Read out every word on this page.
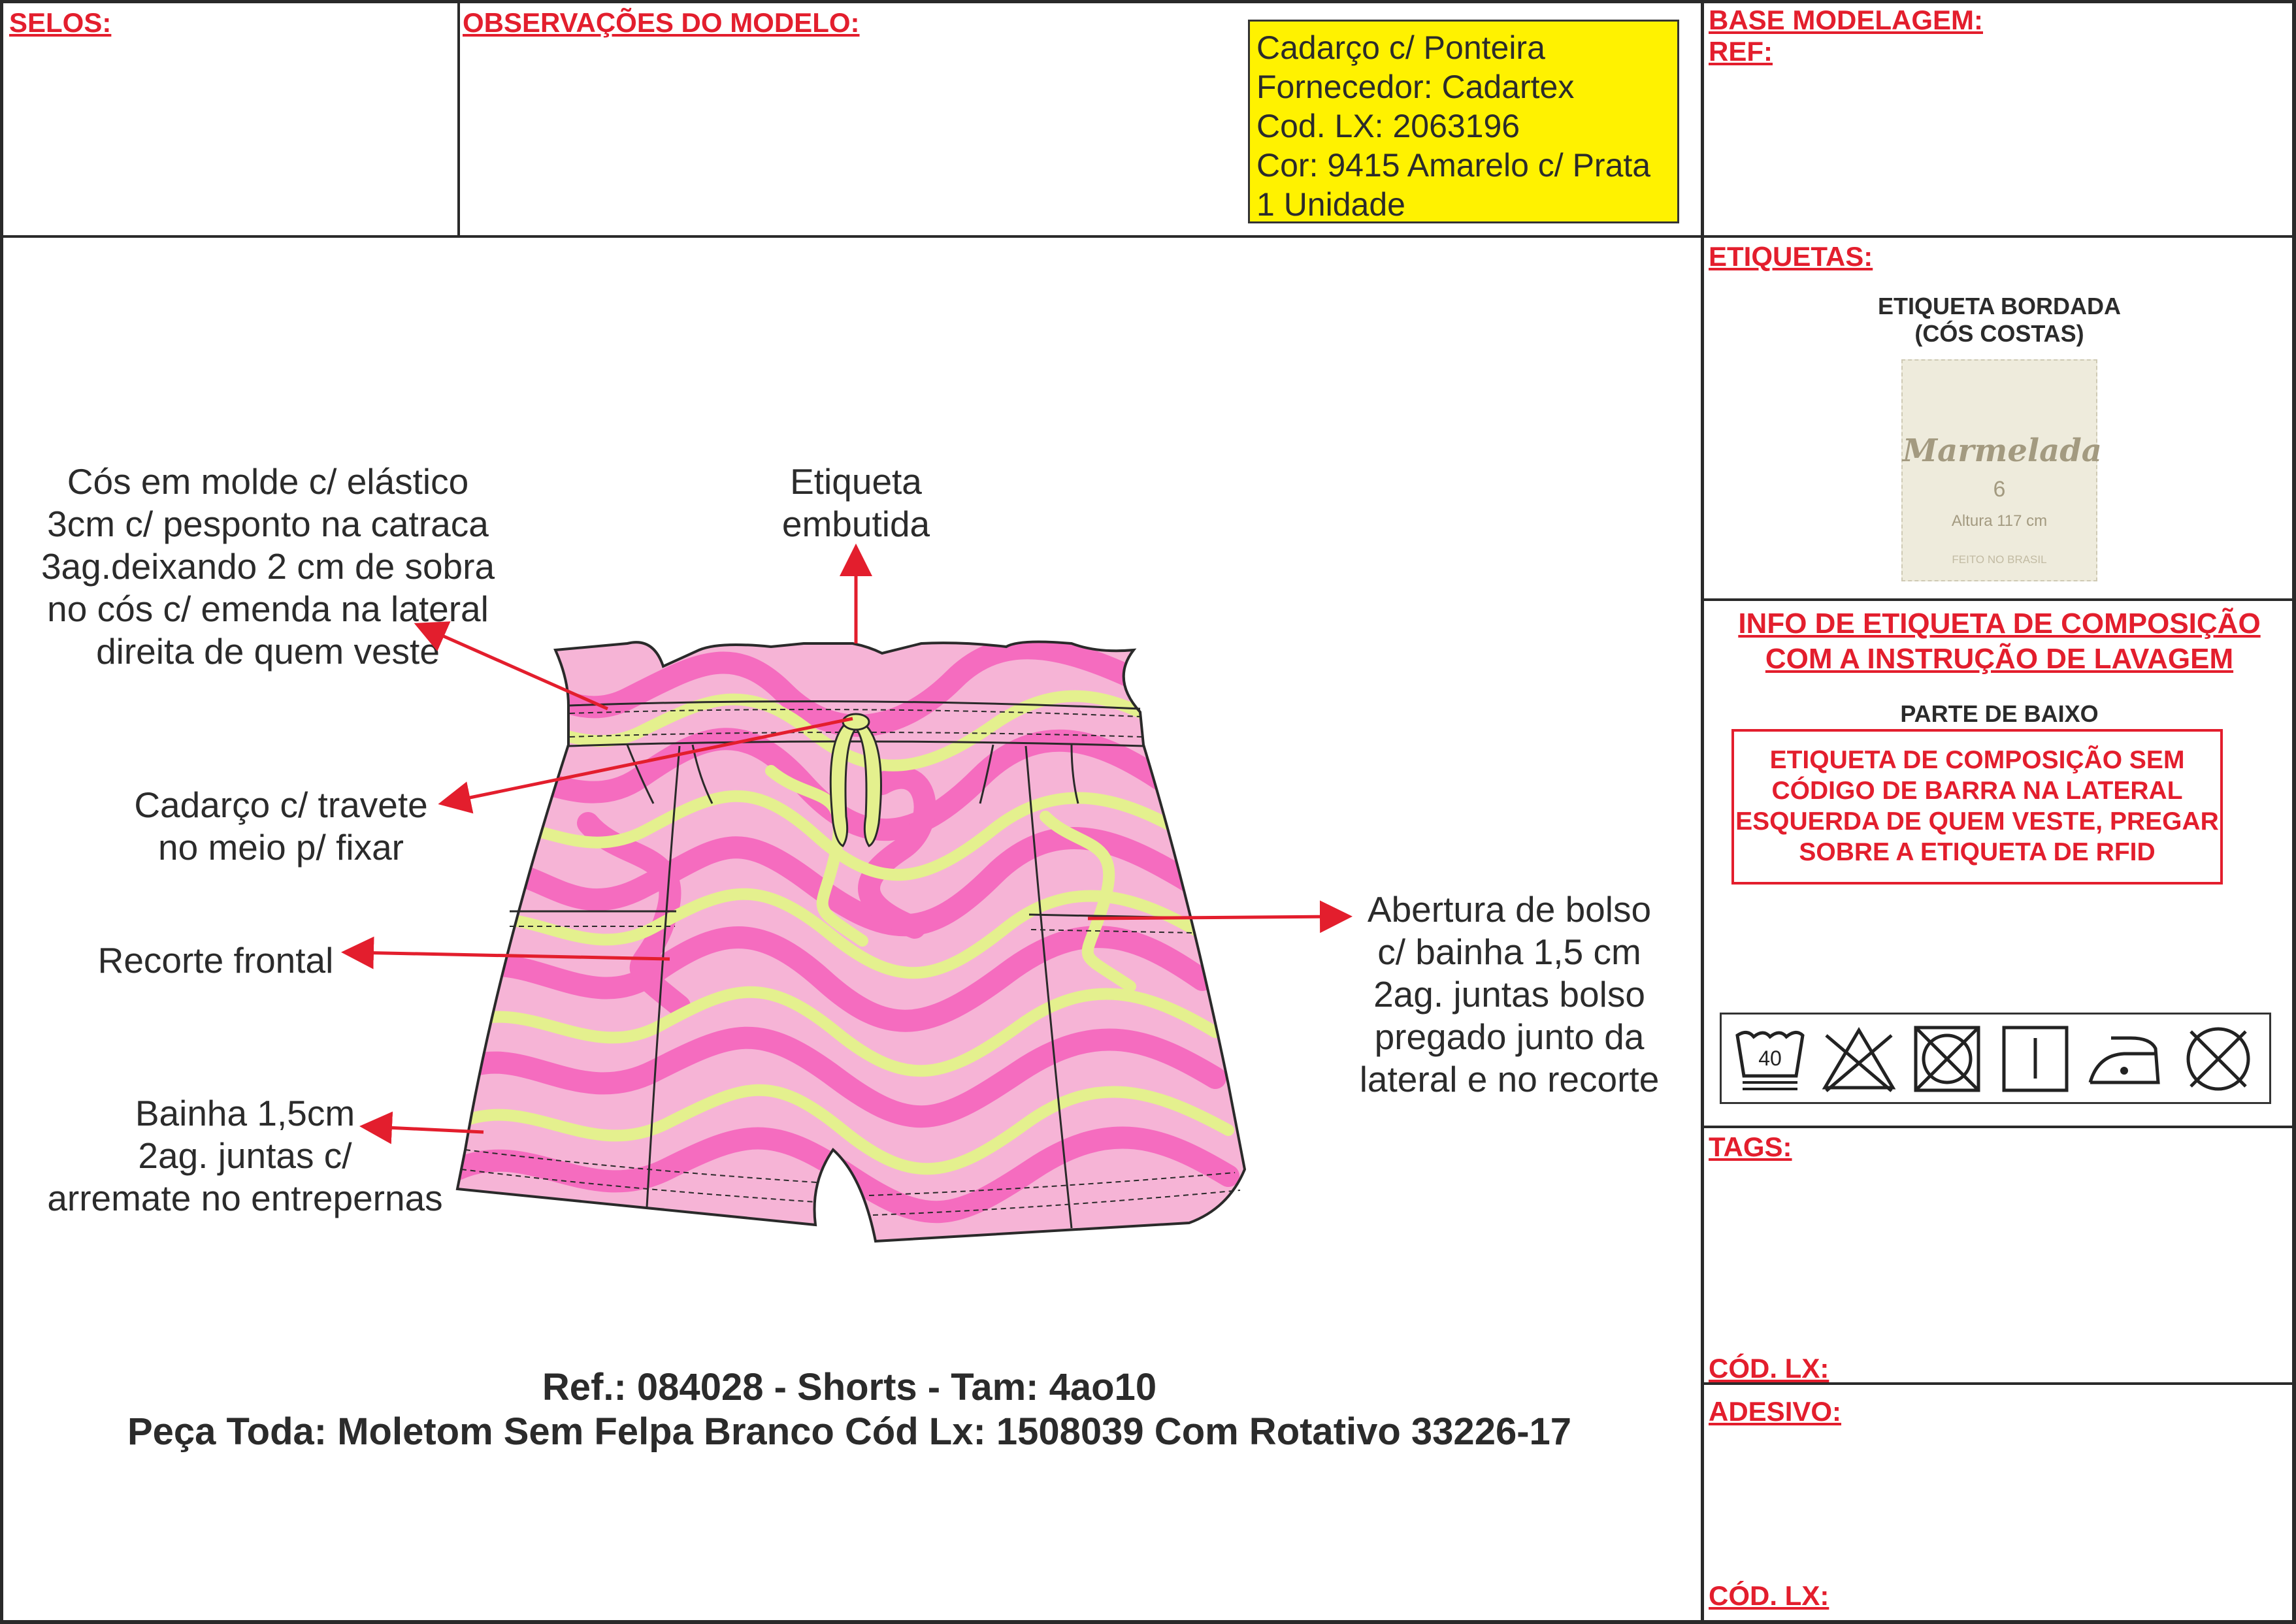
SELOS:	OBSERVAÇÕES DO MODELO:	BASE MODELAGEM:
REF:
Cadarço c/ Ponteira
Fornecedor: Cadartex
Cod. LX: 2063196
Cor: 9415 Amarelo c/ Prata
1 Unidade
Cós em molde c/ elástico
3cm c/ pesponto na catraca
3ag.deixando 2 cm de sobra
no cós c/ emenda na lateral
direita de quem veste
Etiqueta
embutida
Cadarço c/ travete
no meio p/ fixar
Recorte frontal
Bainha 1,5cm
2ag. juntas c/
arremate no entrepernas
Abertura de bolso
c/ bainha 1,5 cm
2ag. juntas bolso
pregado junto da
lateral e no recorte
Ref.: 084028 - Shorts - Tam: 4ao10
Peça Toda: Moletom Sem Felpa Branco Cód Lx: 1508039 Com Rotativo 33226-17
ETIQUETAS:
ETIQUETA BORDADA
(CÓS COSTAS)
Marmelada
6
Altura 117 cm
FEITO NO BRASIL
INFO DE ETIQUETA DE COMPOSIÇÃO
COM A INSTRUÇÃO DE LAVAGEM
PARTE DE BAIXO
ETIQUETA DE COMPOSIÇÃO SEM
CÓDIGO DE BARRA NA LATERAL
ESQUERDA DE QUEM VESTE, PREGAR
SOBRE A ETIQUETA DE RFID
40
TAGS:
CÓD. LX:
ADESIVO:
CÓD. LX:
